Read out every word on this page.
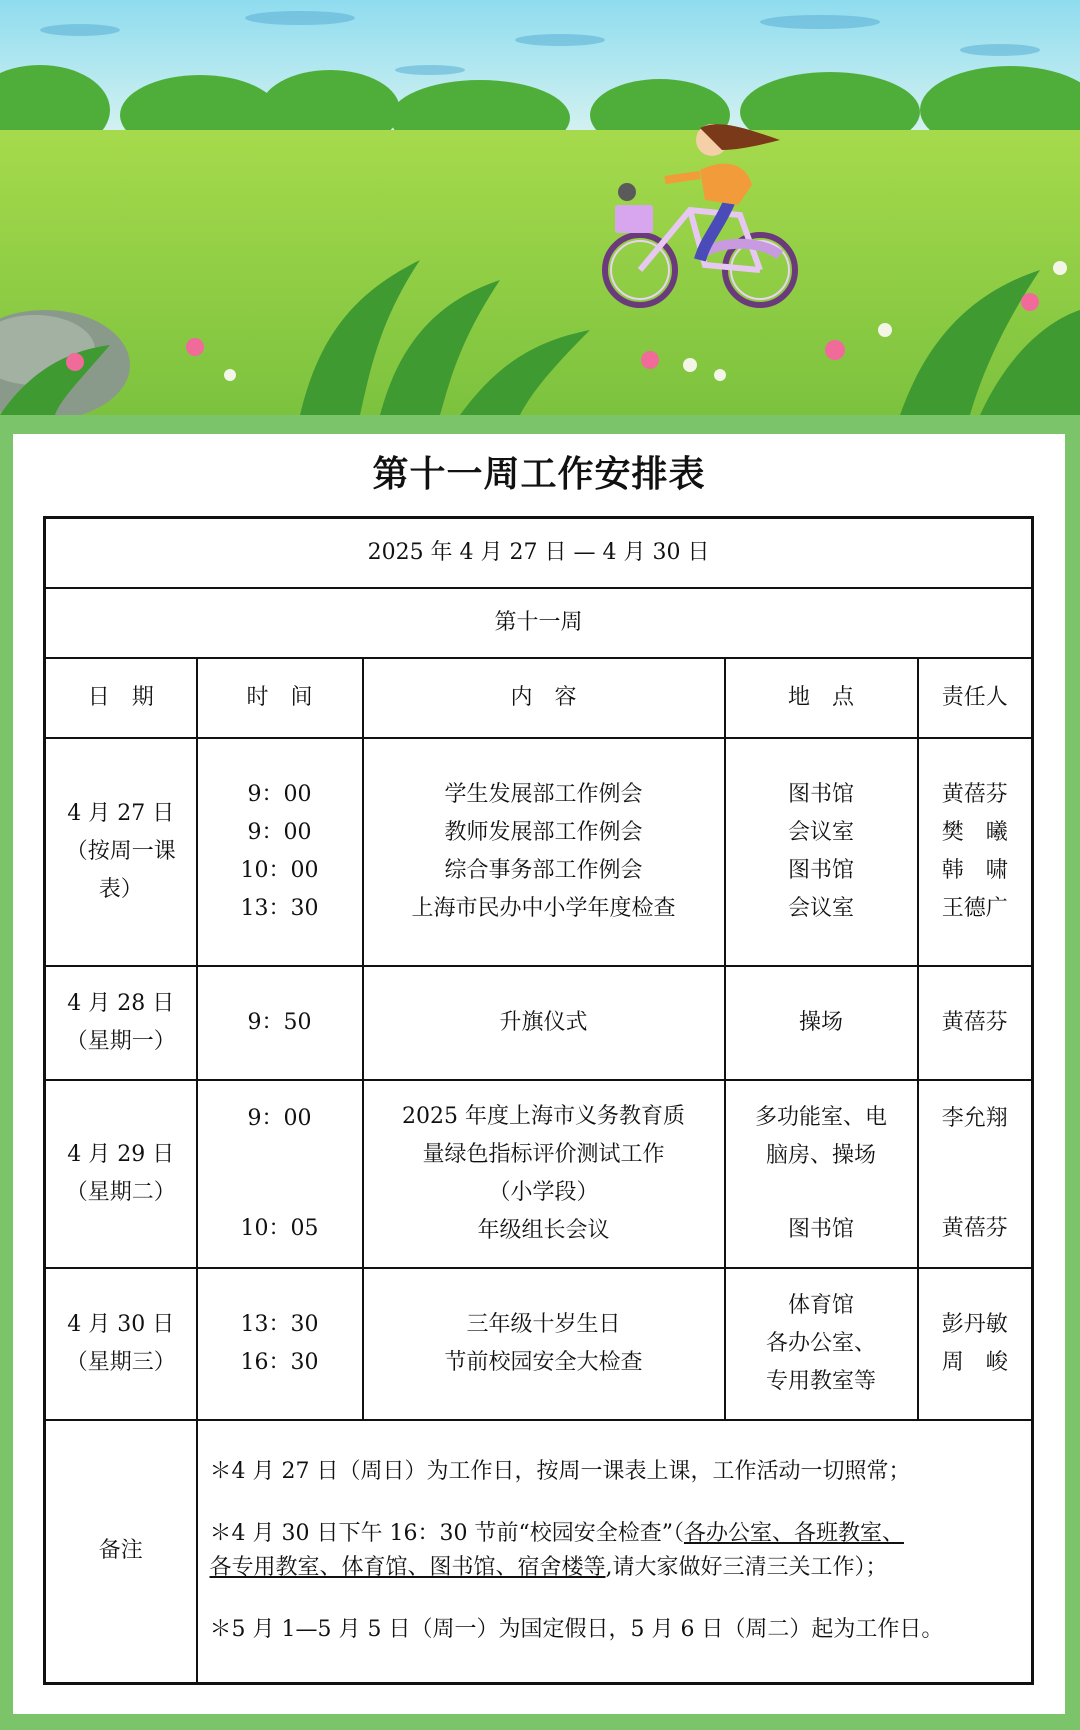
第十一周工作安排表
2025 年 4 月 27 日 — 4 月 30 日				
第十一周				
日　期	时　间	内　容	地　点	责任人

4 月 27 日
（按周一课
表）	9：00
9：00
10：00
13：30	学生发展部工作例会
教师发展部工作例会
综合事务部工作例会
上海市民办中小学年度检查	图书馆
会议室
图书馆
会议室	黄蓓芬
樊　曦
韩　啸
王德广

4 月 28 日
（星期一）	9：50	升旗仪式	操场	黄蓓芬

4 月 29 日
（星期二）	9：00
10：05	2025 年度上海市义务教育质
量绿色指标评价测试工作
（小学段）
年级组长会议	多功能室、电
脑房、操场
图书馆	李允翔
黄蓓芬

4 月 30 日
（星期三）	13：30
16：30	三年级十岁生日
节前校园安全大检查	体育馆
各办公室、
专用教室等	彭丹敏
周　峻

备注	＊4 月 27 日（周日）为工作日，按周一课表上课，工作活动一切照常；

＊4 月 30 日下午 16：30 节前“校园安全检查”（各办公室、各班教室、
各专用教室、体育馆、图书馆、宿舍楼等,请大家做好三清三关工作）；

＊5 月 1—5 月 5 日（周一）为国定假日，5 月 6 日（周二）起为工作日。			
